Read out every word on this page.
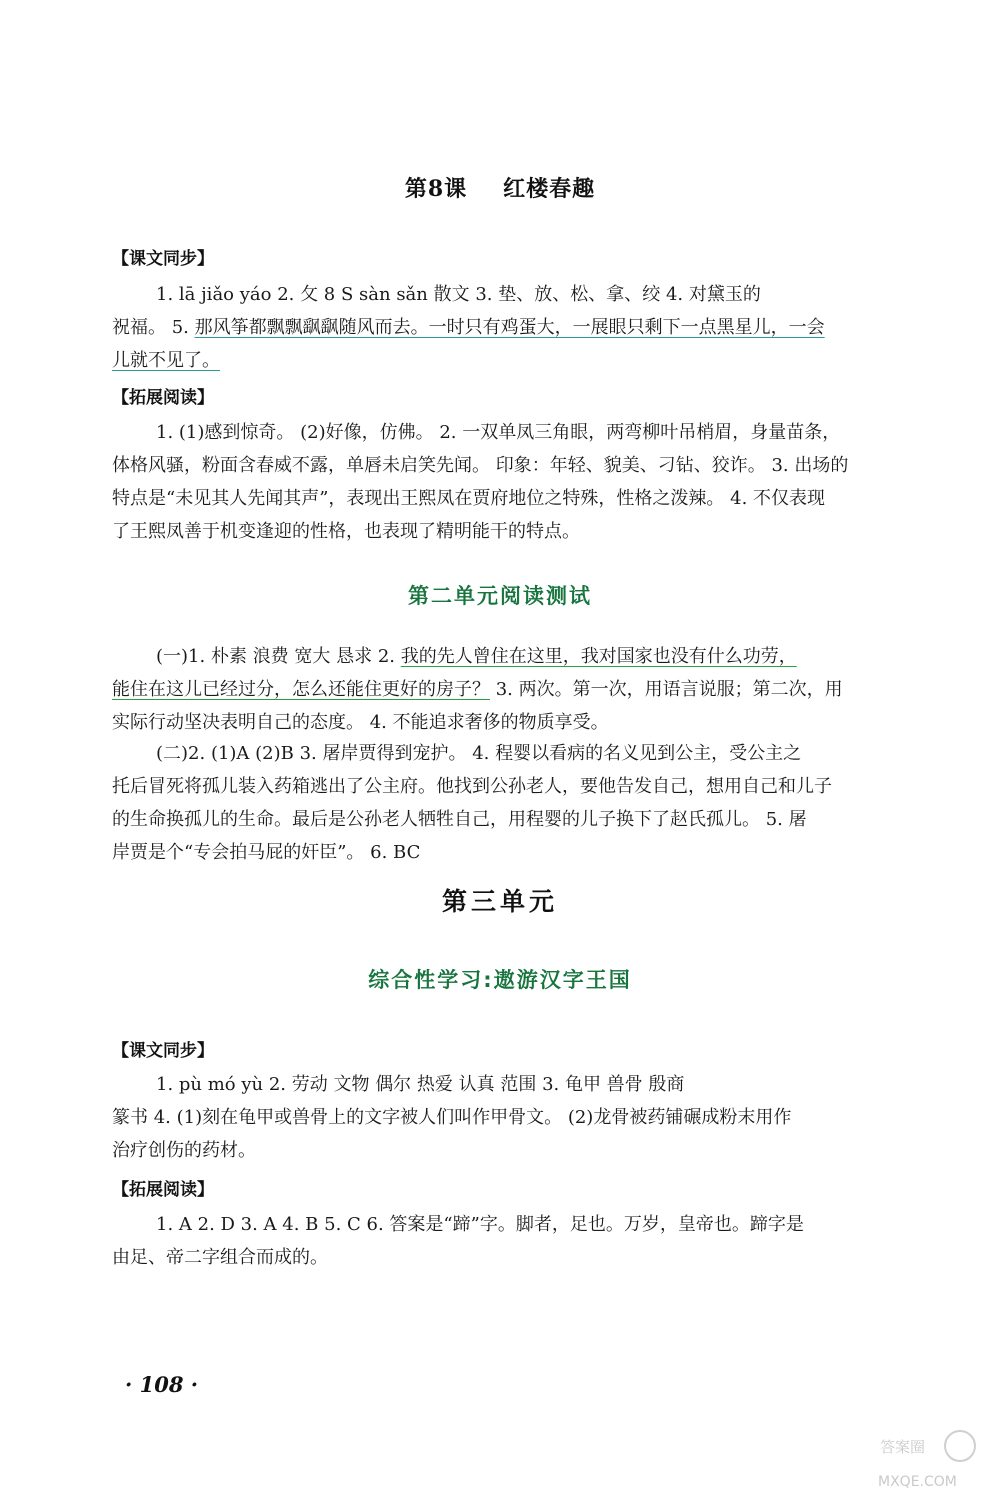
第8课 红楼春趣
【课文同步】
1. lā jiǎo yáo 2. 攵 8 S sàn sǎn 散文 3. 垫、放、松、拿、绞 4. 对黛玉的
祝福。 5. 那风筝都飘飘飖飖随风而去。一时只有鸡蛋大，一展眼只剩下一点黑星儿，一会
儿就不见了。
【拓展阅读】
1. (1)感到惊奇。 (2)好像，仿佛。 2. 一双单凤三角眼，两弯柳叶吊梢眉，身量苗条，
体格风骚，粉面含春威不露，单唇未启笑先闻。 印象：年轻、貌美、刁钻、狡诈。 3. 出场的
特点是“未见其人先闻其声”，表现出王熙凤在贾府地位之特殊，性格之泼辣。 4. 不仅表现
了王熙凤善于机变逢迎的性格，也表现了精明能干的特点。
第二单元阅读测试
(一)1. 朴素 浪费 宽大 恳求 2. 我的先人曾住在这里，我对国家也没有什么功劳，
能住在这儿已经过分，怎么还能住更好的房子？ 3. 两次。第一次，用语言说服；第二次，用
实际行动坚决表明自己的态度。 4. 不能追求奢侈的物质享受。
(二)2. (1)A (2)B 3. 屠岸贾得到宠护。 4. 程婴以看病的名义见到公主，受公主之
托后冒死将孤儿装入药箱逃出了公主府。他找到公孙老人，要他告发自己，想用自己和儿子
的生命换孤儿的生命。最后是公孙老人牺牲自己，用程婴的儿子换下了赵氏孤儿。 5. 屠
岸贾是个“专会拍马屁的奸臣”。 6. BC
第三单元
综合性学习:遨游汉字王国
【课文同步】
1. pù mó yù 2. 劳动 文物 偶尔 热爱 认真 范围 3. 龟甲 兽骨 殷商
篆书 4. (1)刻在龟甲或兽骨上的文字被人们叫作甲骨文。 (2)龙骨被药铺碾成粉末用作
治疗创伤的药材。
【拓展阅读】
1. A 2. D 3. A 4. B 5. C 6. 答案是“蹄”字。脚者，足也。万岁，皇帝也。蹄字是
由足、帝二字组合而成的。
· 108 ·
答案圈
MXQE.COM
